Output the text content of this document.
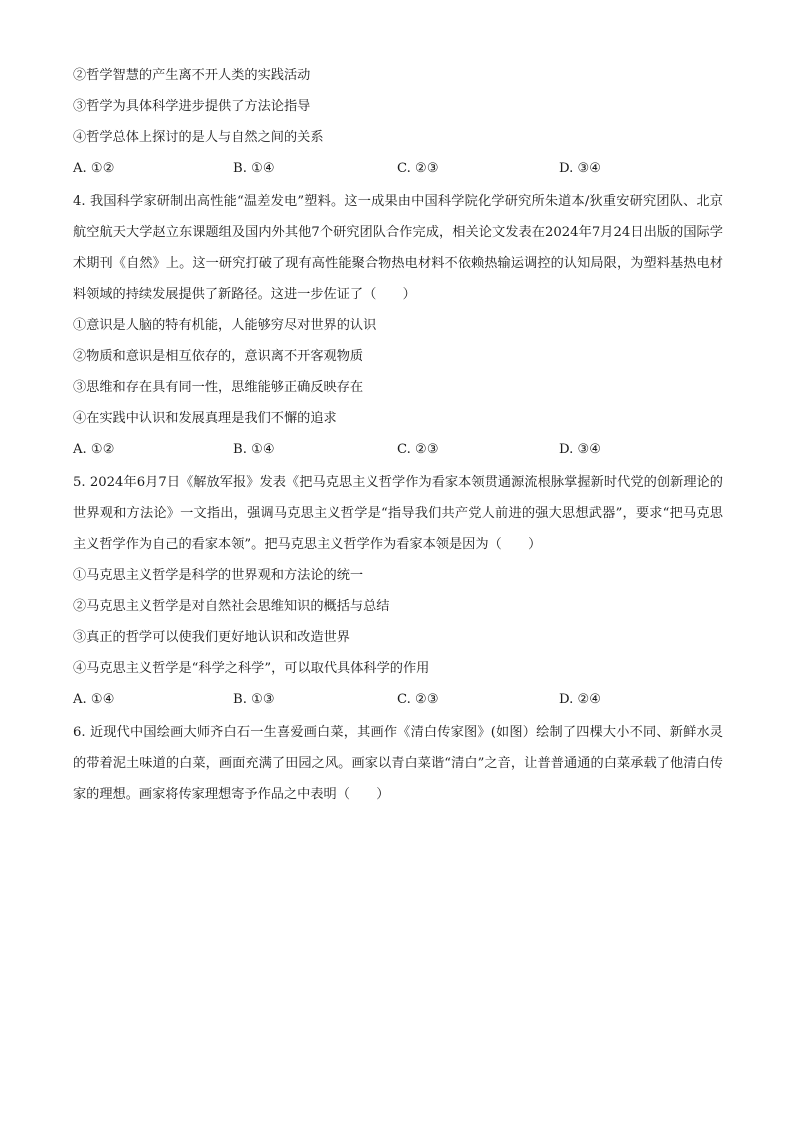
②哲学智慧的产生离不开人类的实践活动
③哲学为具体科学进步提供了方法论指导
④哲学总体上探讨的是人与自然之间的关系
A. ①②	B. ①④	C. ②③	D. ③④
4. 我国科学家研制出高性能“温差发电”塑料。这一成果由中国科学院化学研究所朱道本/狄重安研究团队、北京航空航天大学赵立东课题组及国内外其他7个研究团队合作完成，相关论文发表在2024年7月24日出版的国际学术期刊《自然》上。这一研究打破了现有高性能聚合物热电材料不依赖热输运调控的认知局限，为塑料基热电材料领域的持续发展提供了新路径。这进一步佐证了（　　）
①意识是人脑的特有机能，人能够穷尽对世界的认识
②物质和意识是相互依存的，意识离不开客观物质
③思维和存在具有同一性，思维能够正确反映存在
④在实践中认识和发展真理是我们不懈的追求
A. ①②	B. ①④	C. ②③	D. ③④
5. 2024年6月7日《解放军报》发表《把马克思主义哲学作为看家本领贯通源流根脉掌握新时代党的创新理论的世界观和方法论》一文指出，强调马克思主义哲学是“指导我们共产党人前进的强大思想武器”，要求“把马克思主义哲学作为自己的看家本领”。把马克思主义哲学作为看家本领是因为（　　）
①马克思主义哲学是科学的世界观和方法论的统一
②马克思主义哲学是对自然社会思维知识的概括与总结
③真正的哲学可以使我们更好地认识和改造世界
④马克思主义哲学是“科学之科学”，可以取代具体科学的作用
A. ①④	B. ①③	C. ②③	D. ②④
6. 近现代中国绘画大师齐白石一生喜爱画白菜，其画作《清白传家图》(如图）绘制了四棵大小不同、新鲜水灵的带着泥土味道的白菜，画面充满了田园之风。画家以青白菜谐“清白”之音，让普普通通的白菜承载了他清白传家的理想。画家将传家理想寄予作品之中表明（　　）
